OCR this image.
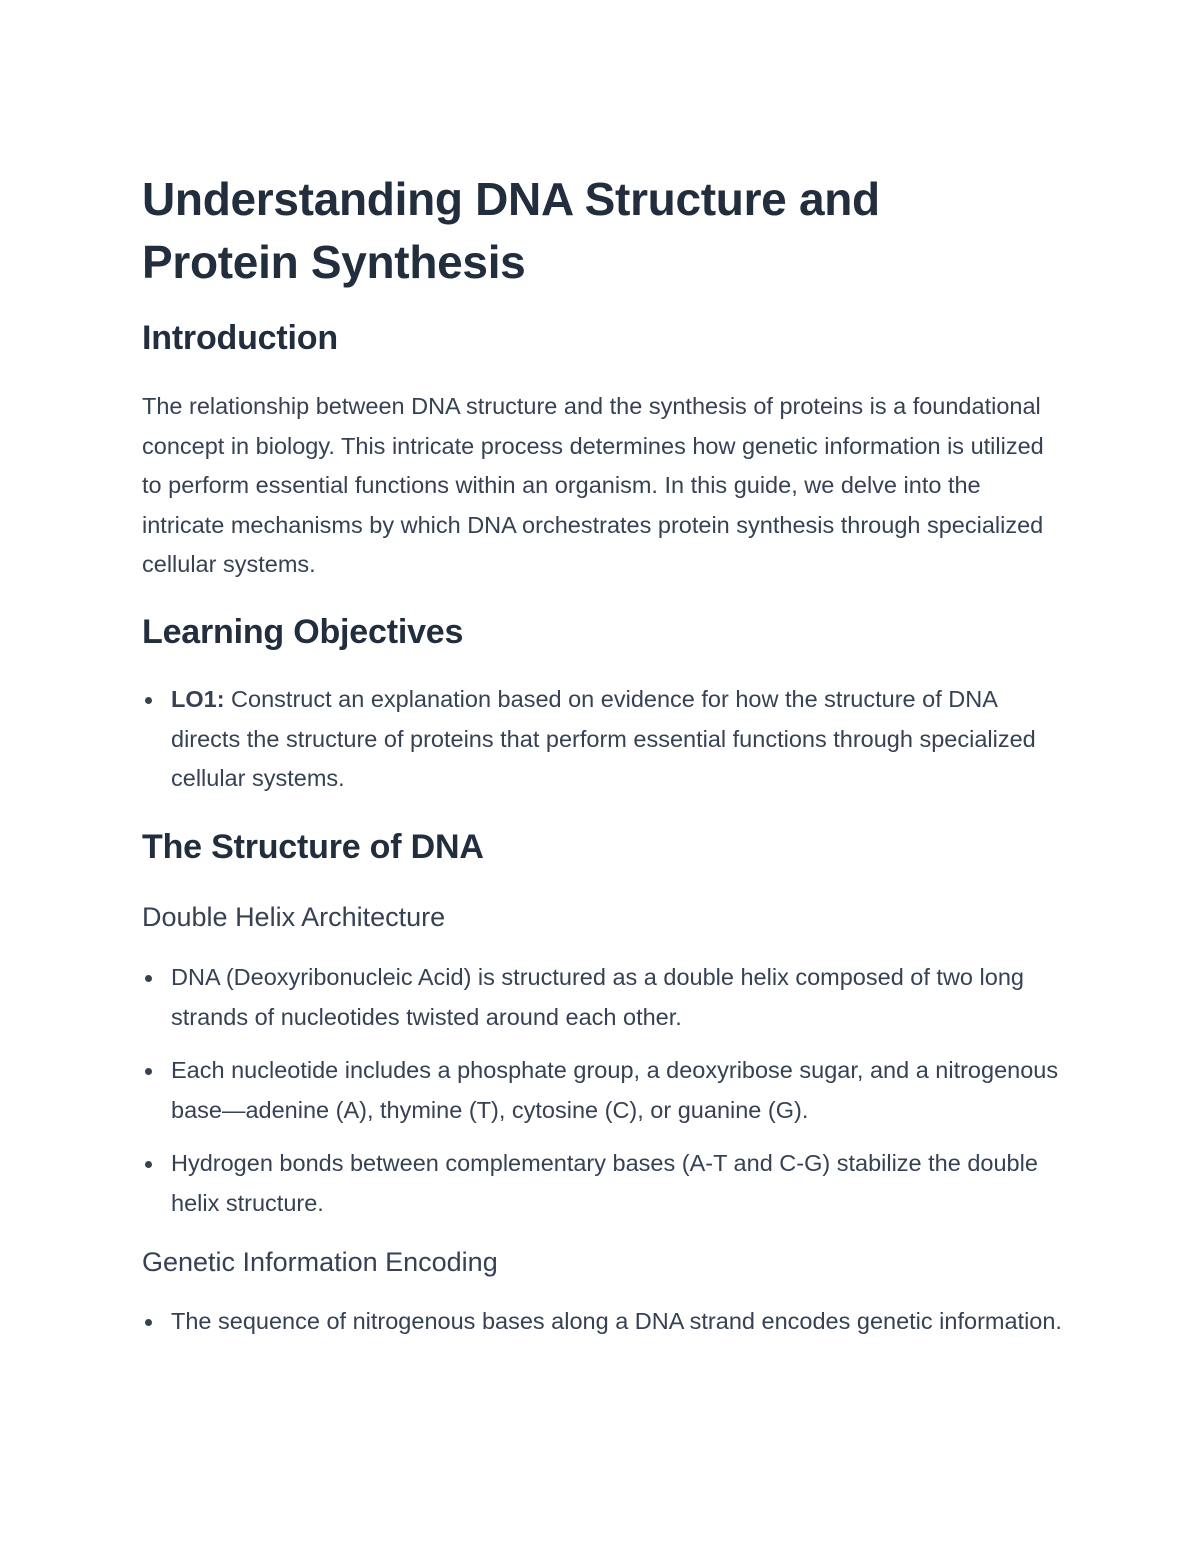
Understanding DNA Structure and Protein Synthesis
Introduction

The relationship between DNA structure and the synthesis of proteins is a foundational concept in biology. This intricate process determines how genetic information is utilized to perform essential functions within an organism. In this guide, we delve into the intricate mechanisms by which DNA orchestrates protein synthesis through specialized cellular systems.

Learning Objectives
LO1: Construct an explanation based on evidence for how the structure of DNA directs the structure of proteins that perform essential functions through specialized cellular systems.
The Structure of DNA
Double Helix Architecture
DNA (Deoxyribonucleic Acid) is structured as a double helix composed of two long strands of nucleotides twisted around each other.
Each nucleotide includes a phosphate group, a deoxyribose sugar, and a nitrogenous base—adenine (A), thymine (T), cytosine (C), or guanine (G).
Hydrogen bonds between complementary bases (A-T and C-G) stabilize the double helix structure.
Genetic Information Encoding
The sequence of nitrogenous bases along a DNA strand encodes genetic information.
